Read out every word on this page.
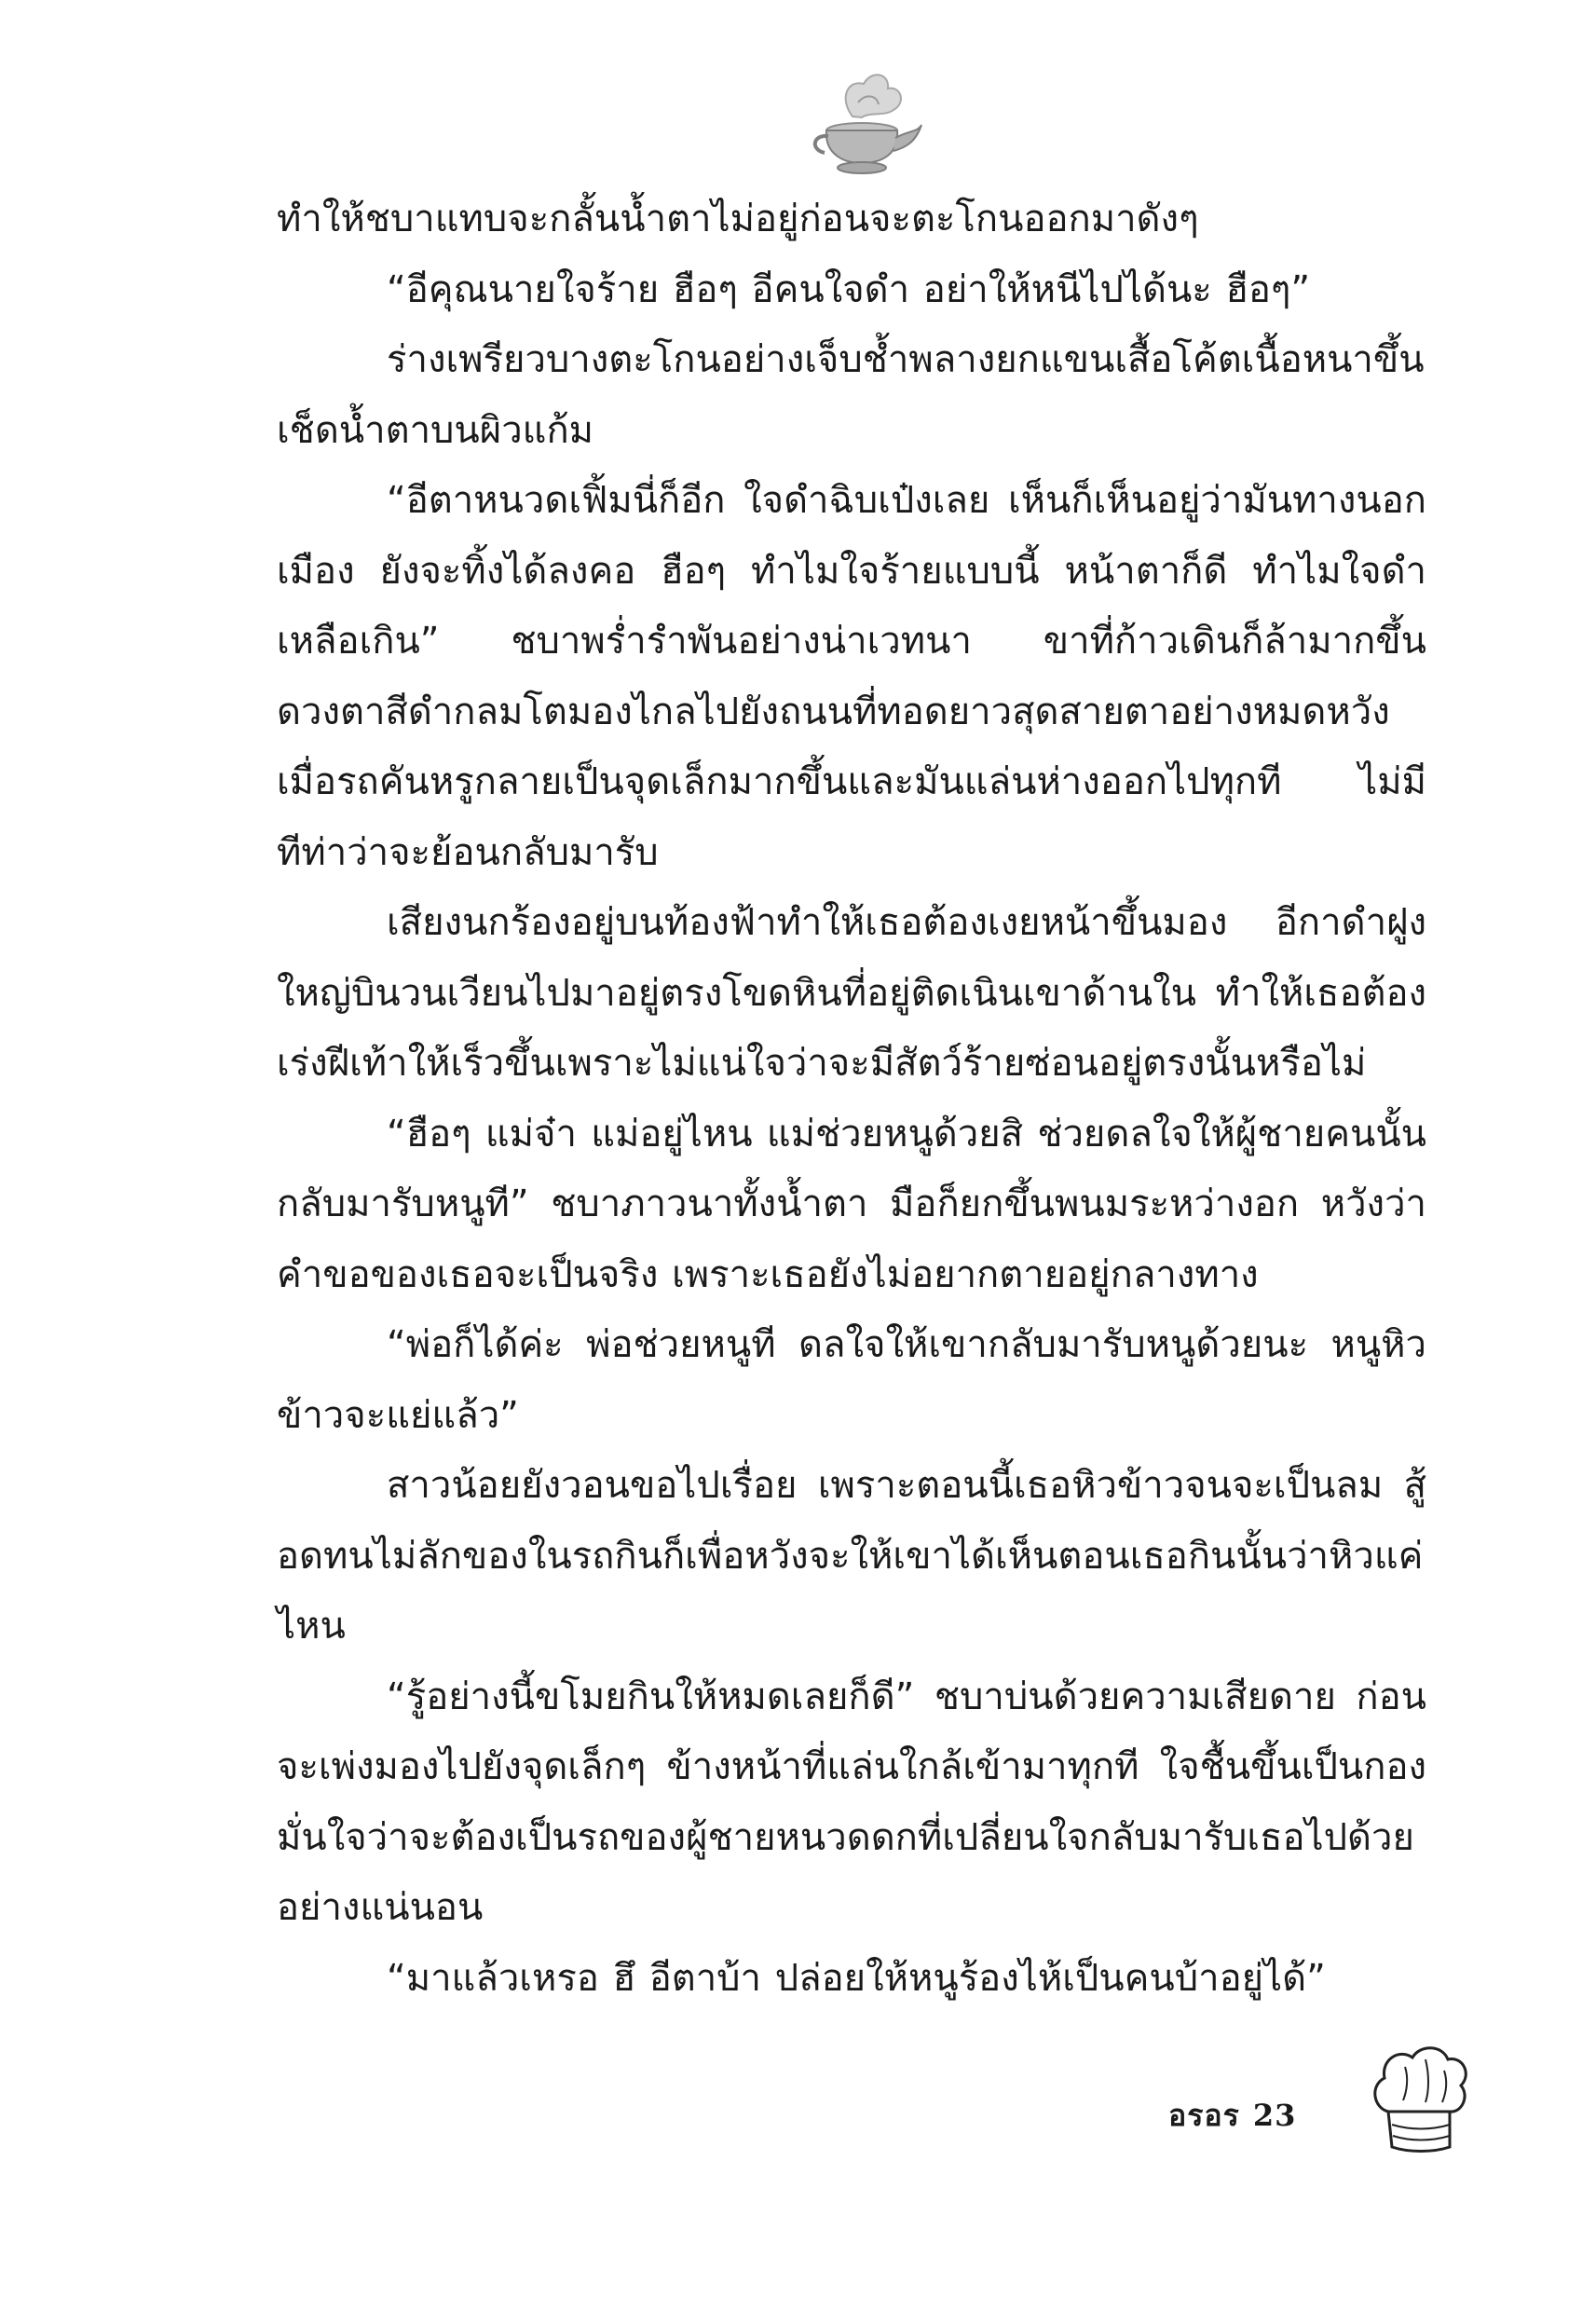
ทำให้ชบาแทบจะกลั้นน้ำตาไม่อยู่ก่อนจะตะโกนออกมาดังๆ

“อีคุณนายใจร้าย ฮือๆ อีคนใจดำ อย่าให้หนีไปได้นะ ฮือๆ”

ร่างเพรียวบางตะโกนอย่างเจ็บช้ำพลางยกแขนเสื้อโค้ตเนื้อหนาขึ้นเช็ดน้ำตาบนผิวแก้ม

“อีตาหนวดเฟิ้มนี่ก็อีก ใจดำฉิบเป๋งเลย เห็นก็เห็นอยู่ว่ามันทางนอกเมือง ยังจะทิ้งได้ลงคอ ฮือๆ ทำไมใจร้ายแบบนี้ หน้าตาก็ดี ทำไมใจดำเหลือเกิน” ชบาพร่ำรำพันอย่างน่าเวทนา ขาที่ก้าวเดินก็ล้ามากขึ้น ดวงตาสีดำกลมโตมองไกลไปยังถนนที่ทอดยาวสุดสายตาอย่างหมดหวัง เมื่อรถคันหรูกลายเป็นจุดเล็กมากขึ้นและมันแล่นห่างออกไปทุกที ไม่มีทีท่าว่าจะย้อนกลับมารับ

เสียงนกร้องอยู่บนท้องฟ้าทำให้เธอต้องเงยหน้าขึ้นมอง อีกาดำฝูงใหญ่บินวนเวียนไปมาอยู่ตรงโขดหินที่อยู่ติดเนินเขาด้านใน ทำให้เธอต้องเร่งฝีเท้าให้เร็วขึ้นเพราะไม่แน่ใจว่าจะมีสัตว์ร้ายซ่อนอยู่ตรงนั้นหรือไม่

“ฮือๆ แม่จ๋า แม่อยู่ไหน แม่ช่วยหนูด้วยสิ ช่วยดลใจให้ผู้ชายคนนั้นกลับมารับหนูที” ชบาภาวนาทั้งน้ำตา มือก็ยกขึ้นพนมระหว่างอก หวังว่าคำขอของเธอจะเป็นจริง เพราะเธอยังไม่อยากตายอยู่กลางทาง

“พ่อก็ได้ค่ะ พ่อช่วยหนูที ดลใจให้เขากลับมารับหนูด้วยนะ หนูหิวข้าวจะแย่แล้ว”

สาวน้อยยังวอนขอไปเรื่อย เพราะตอนนี้เธอหิวข้าวจนจะเป็นลม สู้อดทนไม่ลักของในรถกินก็เพื่อหวังจะให้เขาได้เห็นตอนเธอกินนั้นว่าหิวแค่ไหน

“รู้อย่างนี้ขโมยกินให้หมดเลยก็ดี” ชบาบ่นด้วยความเสียดาย ก่อนจะเพ่งมองไปยังจุดเล็กๆ ข้างหน้าที่แล่นใกล้เข้ามาทุกที ใจชื้นขึ้นเป็นกอง มั่นใจว่าจะต้องเป็นรถของผู้ชายหนวดดกที่เปลี่ยนใจกลับมารับเธอไปด้วยอย่างแน่นอน

“มาแล้วเหรอ ฮึ อีตาบ้า ปล่อยให้หนูร้องไห้เป็นคนบ้าอยู่ได้”

อรอร 23
